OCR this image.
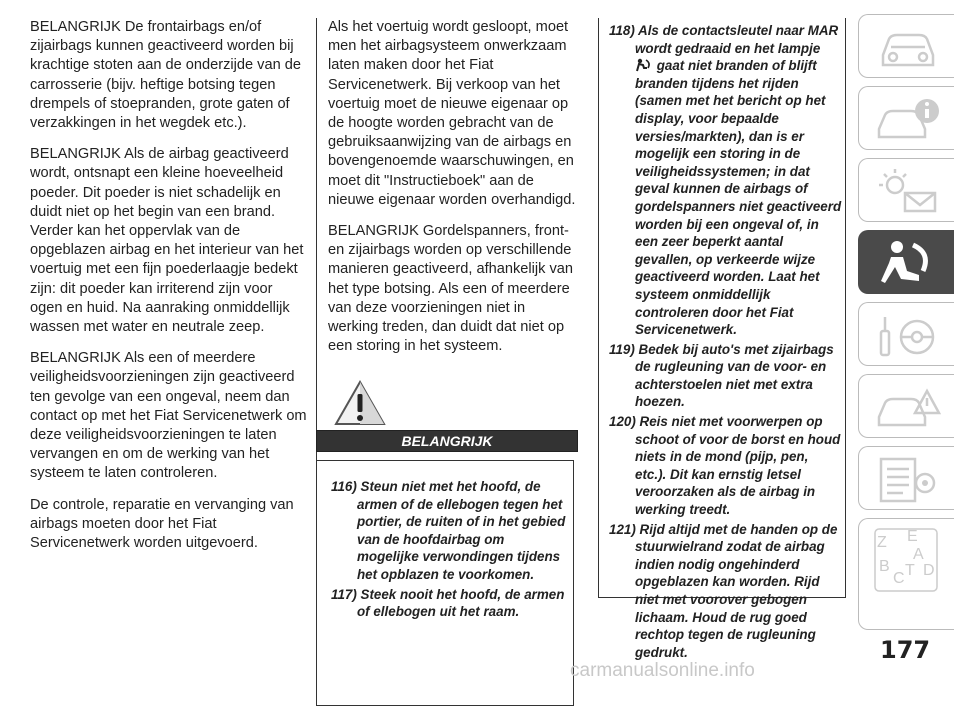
BELANGRIJK De frontairbags en/of zijairbags kunnen geactiveerd worden bij krachtige stoten aan de onderzijde van de carrosserie (bijv. heftige botsing tegen drempels of stoepranden, grote gaten of verzakkingen in het wegdek etc.).

BELANGRIJK Als de airbag geactiveerd wordt, ontsnapt een kleine hoeveelheid poeder. Dit poeder is niet schadelijk en duidt niet op het begin van een brand. Verder kan het oppervlak van de opgeblazen airbag en het interieur van het voertuig met een fijn poederlaagje bedekt zijn: dit poeder kan irriterend zijn voor ogen en huid. Na aanraking onmiddellijk wassen met water en neutrale zeep.

BELANGRIJK Als een of meerdere veiligheidsvoorzieningen zijn geactiveerd ten gevolge van een ongeval, neem dan contact op met het Fiat Servicenetwerk om deze veiligheidsvoorzieningen te laten vervangen en om de werking van het systeem te laten controleren.

De controle, reparatie en vervanging van airbags moeten door het Fiat Servicenetwerk worden uitgevoerd.

Als het voertuig wordt gesloopt, moet men het airbagsysteem onwerkzaam laten maken door het Fiat Servicenetwerk. Bij verkoop van het voertuig moet de nieuwe eigenaar op de hoogte worden gebracht van de gebruiksaanwijzing van de airbags en bovengenoemde waarschuwingen, en moet dit "Instructieboek" aan de nieuwe eigenaar worden overhandigd.

BELANGRIJK Gordelspanners, front- en zijairbags worden op verschillende manieren geactiveerd, afhankelijk van het type botsing. Als een of meerdere van deze voorzieningen niet in werking treden, dan duidt dat niet op een storing in het systeem.

BELANGRIJK

116) Steun niet met het hoofd, de armen of de ellebogen tegen het portier, de ruiten of in het gebied van de hoofdairbag om mogelijke verwondingen tijdens het opblazen te voorkomen.

117) Steek nooit het hoofd, de armen of ellebogen uit het raam.

118) Als de contactsleutel naar MAR wordt gedraaid en het lampje
gaat niet branden of blijft branden tijdens het rijden (samen met het bericht op het display, voor bepaalde versies/markten), dan is er mogelijk een storing in de veiligheidssystemen; in dat geval kunnen de airbags of gordelspanners niet geactiveerd worden bij een ongeval of, in een zeer beperkt aantal gevallen, op verkeerde wijze geactiveerd worden. Laat het systeem onmiddellijk controleren door het Fiat Servicenetwerk.

119) Bedek bij auto's met zijairbags de rugleuning van de voor- en achterstoelen niet met extra hoezen.

120) Reis niet met voorwerpen op schoot of voor de borst en houd niets in de mond (pijp, pen, etc.). Dit kan ernstig letsel veroorzaken als de airbag in werking treedt.

121) Rijd altijd met de handen op de stuurwielrand zodat de airbag indien nodig ongehinderd opgeblazen kan worden. Rijd niet met voorover gebogen lichaam. Houd de rug goed rechtop tegen de rugleuning gedrukt.

Z E
A
B
C T D
177
carmanualsonline.info
